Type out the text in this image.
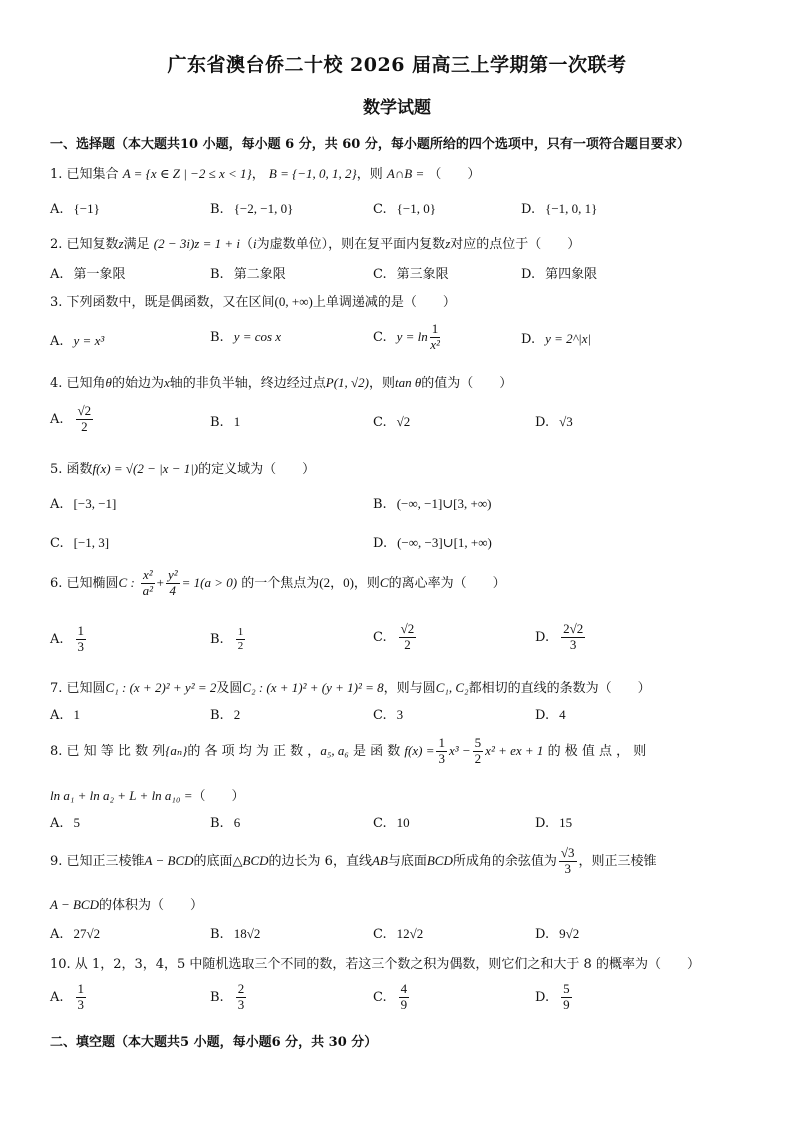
广东省澳台侨二十校 2026 届高三上学期第一次联考
数学试题
一、选择题（本大题共10 小题，每小题 6 分，共 60 分，每小题所给的四个选项中，只有一项符合题目要求）
1. 已知集合 A = {x ∈ Z | −2 ≤ x < 1}， B = {−1, 0, 1, 2}，则 A∩B = （　　）
A. {−1}	B. {−2, −1, 0}	C. {−1, 0}	D. {−1, 0, 1}
2. 已知复数z满足 (2 − 3i)z = 1 + i（i为虚数单位），则在复平面内复数z对应的点位于（　　）
A. 第一象限	B. 第二象限	C. 第三象限	D. 第四象限
3. 下列函数中，既是偶函数，又在区间(0, +∞)上单调递减的是（　　）
A. y = x³	B. y = cos x	C. $y = \ln \frac{1}{\text{x²}}$	D. y = 2^|x|
4. 已知角θ的始边为x轴的非负半轴，终边经过点P(1, √2)，则tan θ的值为（　　）
A. $\frac{√2}{2}$	B. 1	C. √2	D. √3
5. 函数f(x) = √(2 − |x − 1|)的定义域为（　　）
A. [−3, −1]	B. (−∞, −1]∪[3, +∞)
C. [−1, 3]	D. (−∞, −3]∪[1, +∞)
6. 已知椭圆C : $\frac{\text{x²}}{\text{a²}} + \frac{\text{y²}}{4} = 1(a > 0)$ 的一个焦点为(2，0)，则C的离心率为（　　）
A. $\frac{1}{3}$	B. $\frac{1}{2}$	C. $\frac{√2}{2}$	D. $\frac{2√2}{3}$
7. 已知圆C₁ : (x + 2)² + y² = 2及圆C₂ : (x + 1)² + (y + 1)² = 8，则与圆C₁, C₂都相切的直线的条数为（　　）
A. 1	B. 2	C. 3	D. 4
8. 已 知 等 比 数 列{aₙ}的 各 项 均 为 正 数 ，a₅, a₆ 是 函 数 $f(x) = \frac{1}{3} x^3 - \frac{5}{2} x^2$ + ex + 1 的 极 值 点 ， 则
ln a₁ + ln a₂ + L + ln a₁₀ =（　　）
A. 5	B. 6	C. 10	D. 15
9. 已知正三棱锥A − BCD的底面△BCD的边长为 6，直线AB与底面BCD所成角的余弦值为 $\frac{√3}{3}$ ，则正三棱锥
A − BCD的体积为（　　）
A. 27√2	B. 18√2	C. 12√2	D. 9√2
10. 从 1，2，3，4，5 中随机选取三个不同的数，若这三个数之积为偶数，则它们之和大于 8 的概率为（　　）
A. $\frac{1}{3}$	B. $\frac{2}{3}$	C. $\frac{4}{9}$	D. $\frac{5}{9}$
二、填空题（本大题共5 小题，每小题6 分，共 30 分）
